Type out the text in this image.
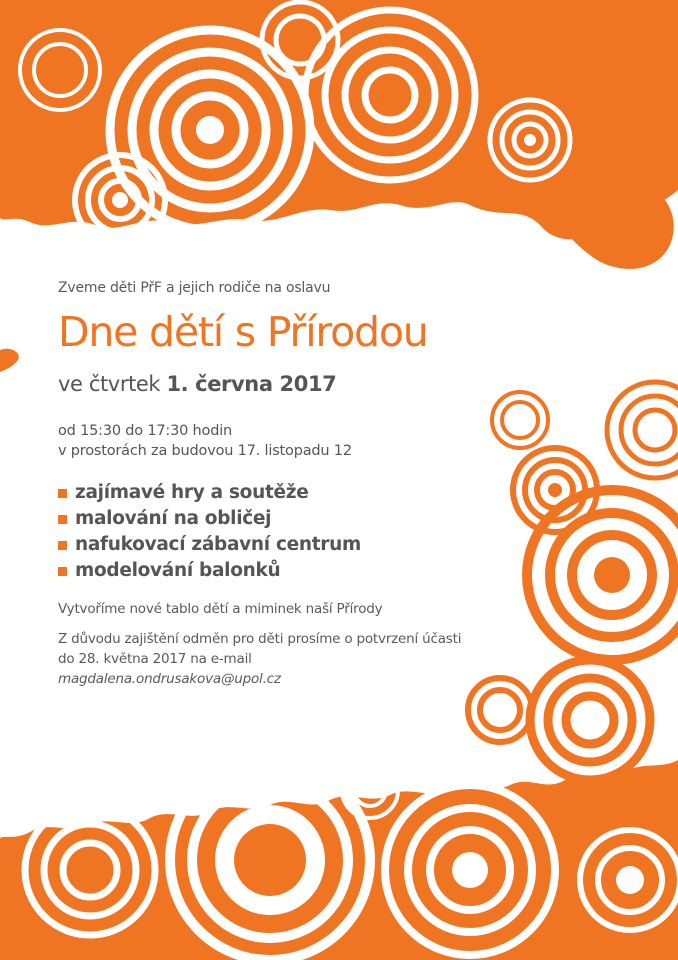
Zveme děti PřF a jejich rodiče na oslavu
Dne dětí s Přírodou
ve čtvrtek 1. června 2017
od 15:30 do 17:30 hodin
v prostorách za budovou 17. listopadu 12
zajímavé hry a soutěže
malování na obličej
nafukovací zábavní centrum
modelování balonků
Vytvoříme nové tablo dětí a miminek naší Přírody
Z důvodu zajištění odměn pro děti prosíme o potvrzení účasti
do 28. května 2017 na e-mail
magdalena.ondrusakova@upol.cz
